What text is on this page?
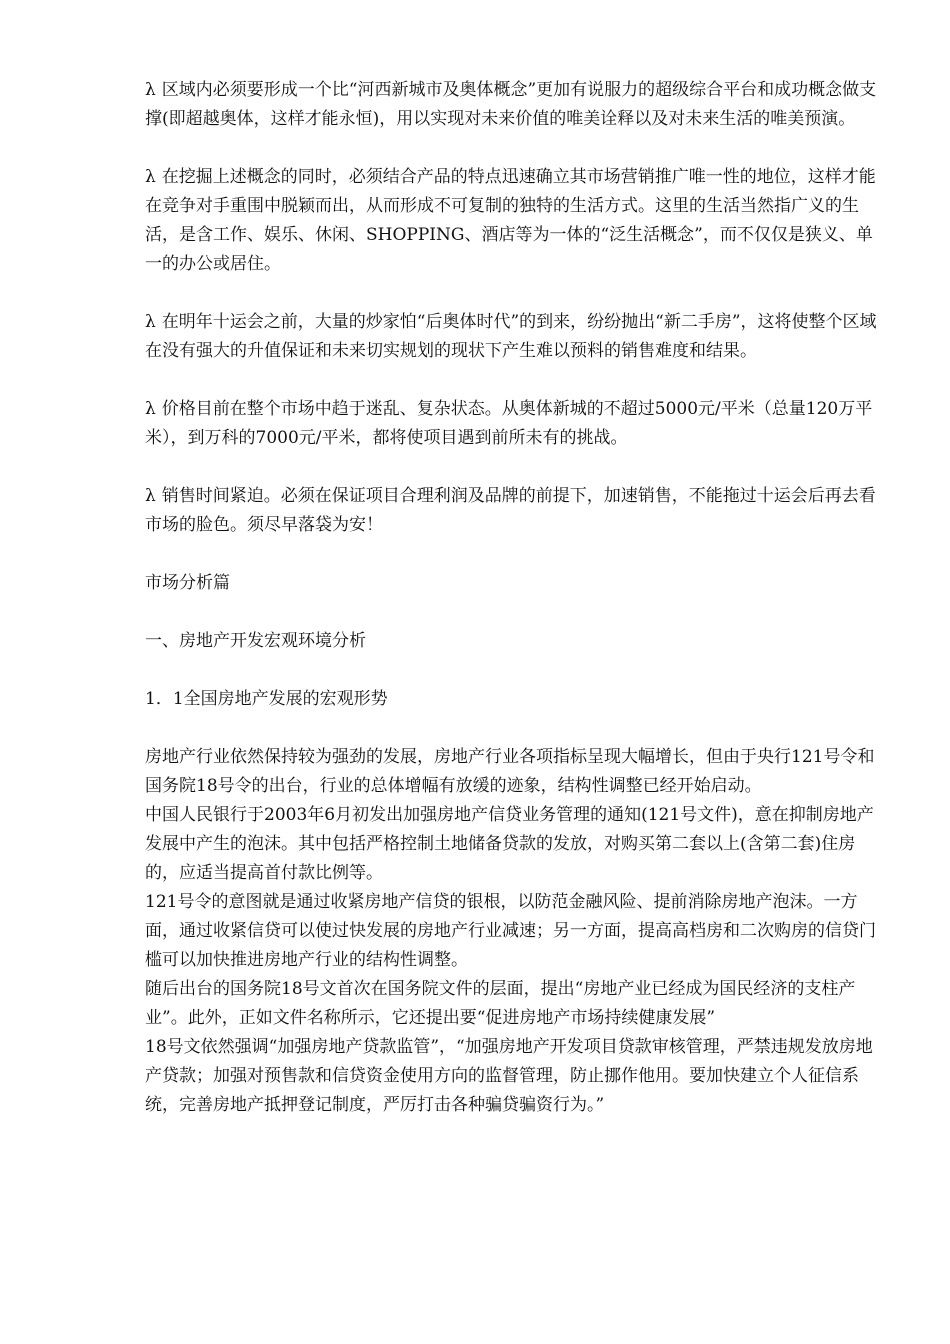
λ 区域内必须要形成一个比“河西新城市及奥体概念”更加有说服力的超级综合平台和成功概念做支撑(即超越奥体，这样才能永恒)，用以实现对未来价值的唯美诠释以及对未来生活的唯美预演。

λ 在挖掘上述概念的同时，必须结合产品的特点迅速确立其市场营销推广唯一性的地位，这样才能在竞争对手重围中脱颖而出，从而形成不可复制的独特的生活方式。这里的生活当然指广义的生活，是含工作、娱乐、休闲、SHOPPING、酒店等为一体的“泛生活概念”，而不仅仅是狭义、单一的办公或居住。

λ 在明年十运会之前，大量的炒家怕“后奥体时代”的到来，纷纷抛出“新二手房”，这将使整个区域在没有强大的升值保证和未来切实规划的现状下产生难以预料的销售难度和结果。

λ 价格目前在整个市场中趋于迷乱、复杂状态。从奥体新城的不超过5000元/平米（总量120万平米），到万科的7000元/平米，都将使项目遇到前所未有的挑战。

λ 销售时间紧迫。必须在保证项目合理利润及品牌的前提下，加速销售，不能拖过十运会后再去看市场的脸色。须尽早落袋为安！

市场分析篇

一、房地产开发宏观环境分析

1．1全国房地产发展的宏观形势

房地产行业依然保持较为强劲的发展，房地产行业各项指标呈现大幅增长，但由于央行121号令和国务院18号令的出台，行业的总体增幅有放缓的迹象，结构性调整已经开始启动。

中国人民银行于2003年6月初发出加强房地产信贷业务管理的通知(121号文件)，意在抑制房地产发展中产生的泡沫。其中包括严格控制土地储备贷款的发放，对购买第二套以上(含第二套)住房的，应适当提高首付款比例等。

121号令的意图就是通过收紧房地产信贷的银根，以防范金融风险、提前消除房地产泡沫。一方面，通过收紧信贷可以使过快发展的房地产行业减速；另一方面，提高高档房和二次购房的信贷门槛可以加快推进房地产行业的结构性调整。

随后出台的国务院18号文首次在国务院文件的层面，提出“房地产业已经成为国民经济的支柱产业”。此外，正如文件名称所示，它还提出要“促进房地产市场持续健康发展”

18号文依然强调“加强房地产贷款监管”，“加强房地产开发项目贷款审核管理，严禁违规发放房地产贷款；加强对预售款和信贷资金使用方向的监督管理，防止挪作他用。要加快建立个人征信系统，完善房地产抵押登记制度，严厉打击各种骗贷骗资行为。”
